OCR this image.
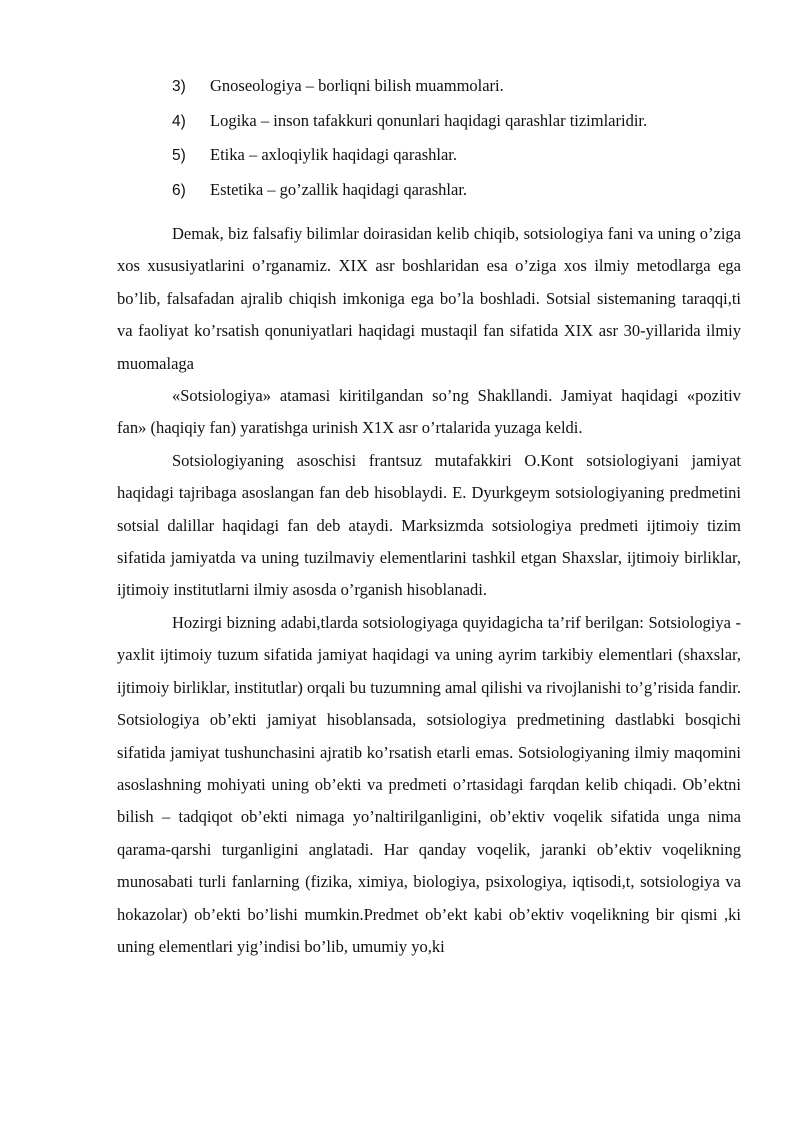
3)	Gnoseologiya – borliqni bilish muammolari.
4)	Logika – inson tafakkuri qonunlari haqidagi qarashlar tizimlaridir.
5)	Etika – axloqiylik haqidagi qarashlar.
6)	Estetika – go’zallik haqidagi qarashlar.

Demak, biz falsafiy bilimlar doirasidan kelib chiqib, sotsiologiya fani va uning o’ziga xos xususiyatlarini o’rganamiz. XIX asr boshlaridan esa o’ziga xos ilmiy metodlarga ega bo’lib, falsafadan ajralib chiqish imkoniga ega bo’la boshladi. Sotsial sistemaning taraqqi,ti va faoliyat ko’rsatish qonuniyatlari haqidagi mustaqil fan sifatida XIX asr 30-yillarida ilmiy muomalaga

«Sotsiologiya» atamasi kiritilgandan so’ng Shakllandi. Jamiyat haqidagi «pozitiv fan» (haqiqiy fan) yaratishga urinish X1X asr o’rtalarida yuzaga keldi.

Sotsiologiyaning asoschisi frantsuz mutafakkiri O.Kont sotsiologiyani jamiyat haqidagi tajribaga asoslangan fan deb hisoblaydi. E. Dyurkgeym sotsiologiyaning predmetini sotsial dalillar haqidagi fan deb ataydi. Marksizmda sotsiologiya predmeti ijtimoiy tizim sifatida jamiyatda va uning tuzilmaviy elementlarini tashkil etgan Shaxslar, ijtimoiy birliklar, ijtimoiy institutlarni ilmiy asosda o’rganish hisoblanadi.

Hozirgi bizning adabi,tlarda sotsiologiyaga quyidagicha ta’rif berilgan: Sotsiologiya - yaxlit ijtimoiy tuzum sifatida jamiyat haqidagi va uning ayrim tarkibiy elementlari (shaxslar, ijtimoiy birliklar, institutlar) orqali bu tuzumning amal qilishi va rivojlanishi to’g’risida fandir. Sotsiologiya ob’ekti jamiyat hisoblansada, sotsiologiya predmetining dastlabki bosqichi sifatida jamiyat tushunchasini ajratib ko’rsatish etarli emas. Sotsiologiyaning ilmiy maqomini asoslashning mohiyati uning ob’ekti va predmeti o’rtasidagi farqdan kelib chiqadi. Ob’ektni bilish – tadqiqot ob’ekti nimaga yo’naltirilganligini, ob’ektiv voqelik sifatida unga nima qarama-qarshi turganligini anglatadi. Har qanday voqelik, jaranki ob’ektiv voqelikning munosabati turli fanlarning (fizika, ximiya, biologiya, psixologiya, iqtisodi,t, sotsiologiya va hokazolar) ob’ekti bo’lishi mumkin.Predmet ob’ekt kabi ob’ektiv voqelikning bir qismi ,ki uning elementlari yig’indisi bo’lib, umumiy yo,ki
